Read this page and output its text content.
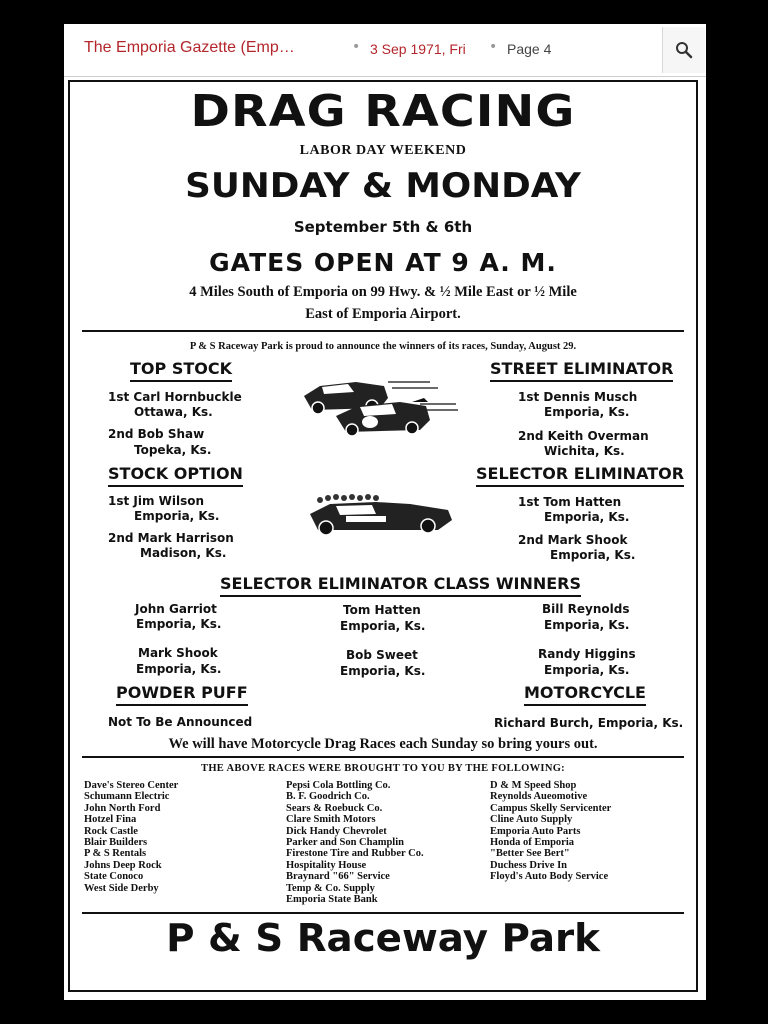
The Emporia Gazette (Emp…	• 3 Sep 1971, Fri • Page 4
DRAG RACING
LABOR DAY WEEKEND
SUNDAY & MONDAY
September 5th & 6th
GATES OPEN AT 9 A. M.
4 Miles South of Emporia on 99 Hwy. & ½ Mile East or ½ Mile
East of Emporia Airport.
P & S Raceway Park is proud to announce the winners of its races, Sunday, August 29.
TOP STOCK
1st Carl Hornbuckle
Ottawa, Ks.
2nd Bob Shaw
Topeka, Ks.
STREET ELIMINATOR
1st Dennis Musch
Emporia, Ks.
2nd Keith Overman
Wichita, Ks.
STOCK OPTION
1st Jim Wilson
Emporia, Ks.
2nd Mark Harrison
Madison, Ks.
SELECTOR ELIMINATOR
1st Tom Hatten
Emporia, Ks.
2nd Mark Shook
Emporia, Ks.
SELECTOR ELIMINATOR CLASS WINNERS
John Garriot
Emporia, Ks.
Tom Hatten
Emporia, Ks.
Bill Reynolds
Emporia, Ks.
Mark Shook
Emporia, Ks.
Bob Sweet
Emporia, Ks.
Randy Higgins
Emporia, Ks.
POWDER PUFF
Not To Be Announced
MOTORCYCLE
Richard Burch, Emporia, Ks.
We will have Motorcycle Drag Races each Sunday so bring yours out.
THE ABOVE RACES WERE BROUGHT TO YOU BY THE FOLLOWING:
Dave's Stereo Center
Schumann Electric
John North Ford
Hotzel Fina
Rock Castle
Blair Builders
P & S Rentals
Johns Deep Rock
State Conoco
West Side Derby
Pepsi Cola Bottling Co.
B. F. Goodrich Co.
Sears & Roebuck Co.
Clare Smith Motors
Dick Handy Chevrolet
Parker and Son Champlin
Firestone Tire and Rubber Co.
Hospitality House
Braynard "66" Service
Temp & Co. Supply
Emporia State Bank
D & M Speed Shop
Reynolds Aueomotive
Campus Skelly Servicenter
Cline Auto Supply
Emporia Auto Parts
Honda of Emporia
"Better See Bert"
Duchess Drive In
Floyd's Auto Body Service
P & S Raceway Park
